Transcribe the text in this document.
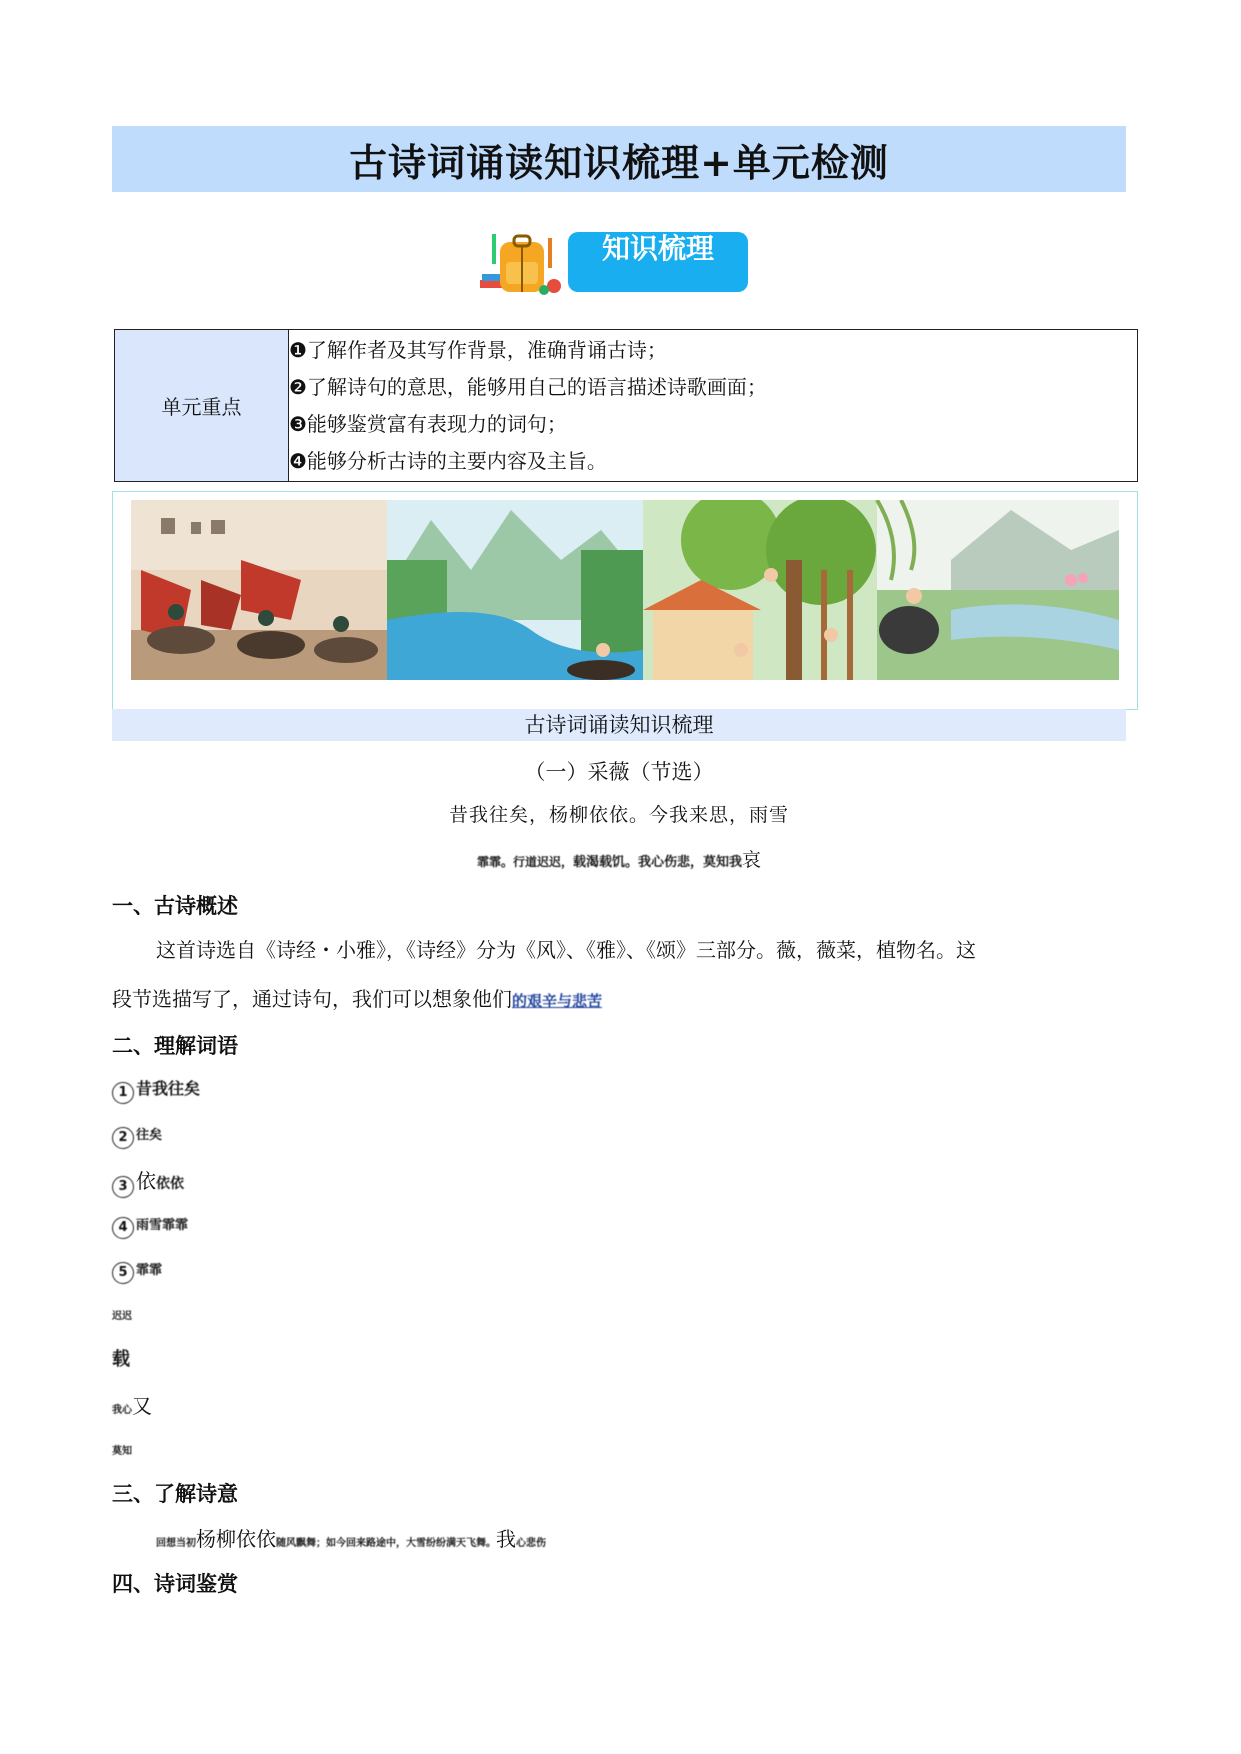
古诗词诵读知识梳理+单元检测
知识梳理
单元重点	
❶了解作者及其写作背景，准确背诵古诗；
❷了解诗句的意思，能够用自己的语言描述诗歌画面；
❸能够鉴赏富有表现力的词句；
❹能够分析古诗的主要内容及主旨。
古诗词诵读知识梳理
（一）采薇（节选）
昔我往矣，杨柳依依。今我来思，雨雪
霏霏。行道迟迟，载渴载饥。我心伤悲，莫知我哀
一、古诗概述
这首诗选自《诗经・小雅》，《诗经》分为《风》、《雅》、《颂》三部分。薇，薇菜，植物名。这
段节选描写了，通过诗句，我们可以想象他们的艰辛与悲苦
二、理解词语
1 昔我往矣
2 往矣
3 依依依
4 雨雪霏霏
5 霏霏
迟迟
载
我心又
莫知
三、了解诗意
回想当初杨柳依依随风飘舞；如今回来路途中，大雪纷纷满天飞舞。我心悲伤
四、诗词鉴赏
